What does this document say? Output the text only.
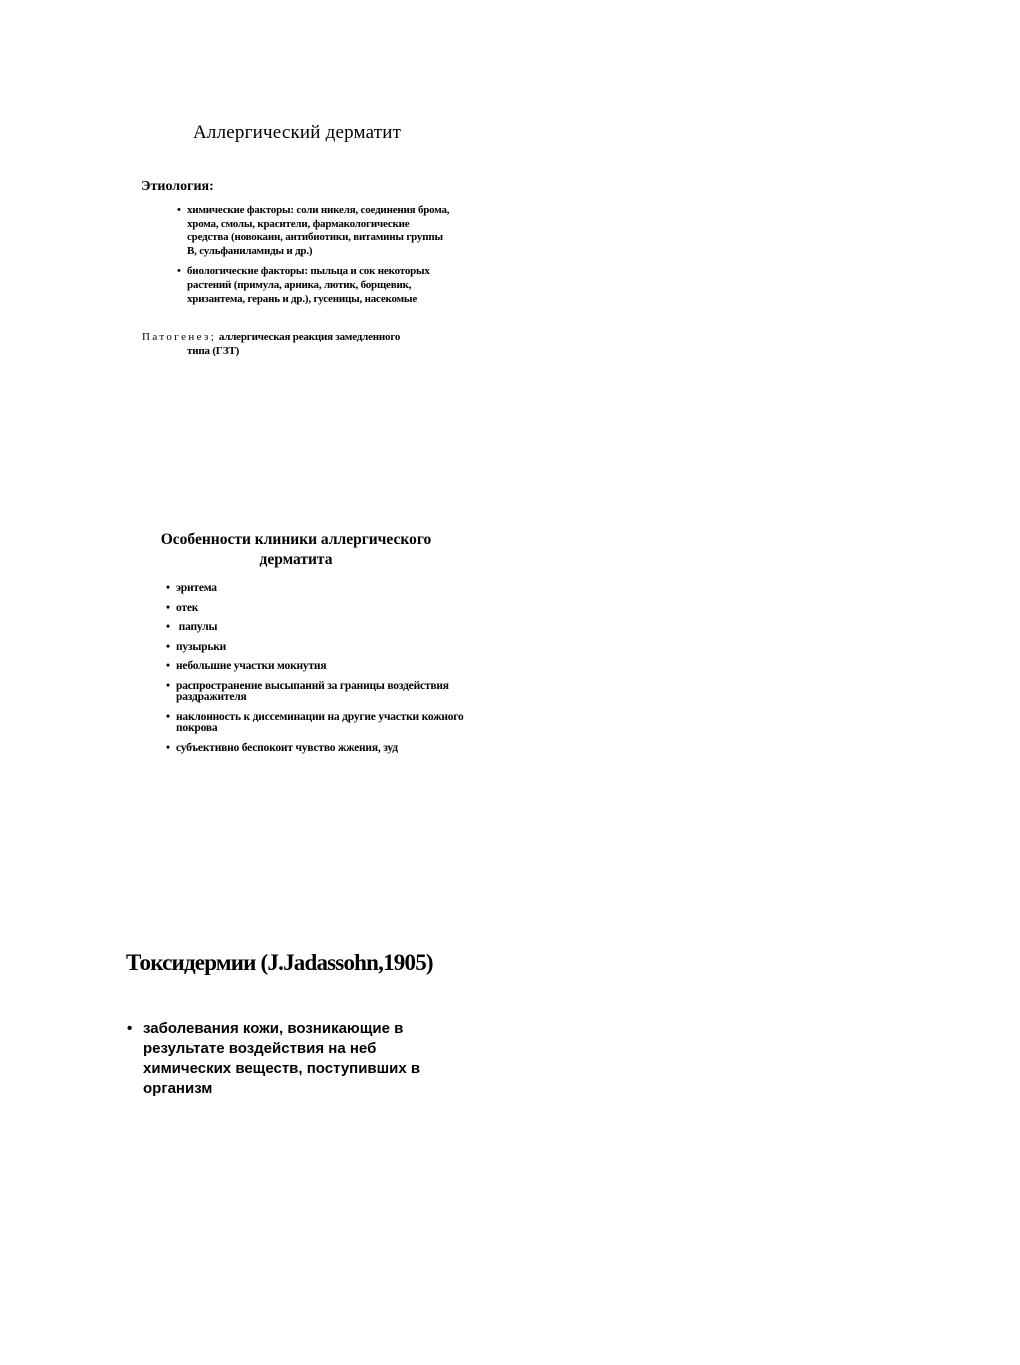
Аллергический дерматит
Этиология:
• химические факторы: соли никеля, соединения брома, хрома, смолы, красители, фармакологические средства (новокаин, антибиотики, витамины группы B, сульфаниламиды и др.)
• биологические факторы: пыльца и сок некоторых растений (примула, арника, лютик, борщевик, хризантема, герань и др.), гусеницы, насекомые

Патогенез; аллергическая реакция замедленного
типа (ГЗТ)

Особенности клиники аллергического дерматита
• эритема
• отек
• папулы
• пузырьки
• небольшие участки мокнутия
• распространение высыпаний за границы воздействия раздражителя
• наклонность к диссеминации на другие участки кожного покрова
• субъективно беспокоит чувство жжения, зуд
Токсидермии (J.Jadassohn,1905)
• заболевания кожи, возникающие в результате воздействия на неб химических веществ, поступивших в организм
